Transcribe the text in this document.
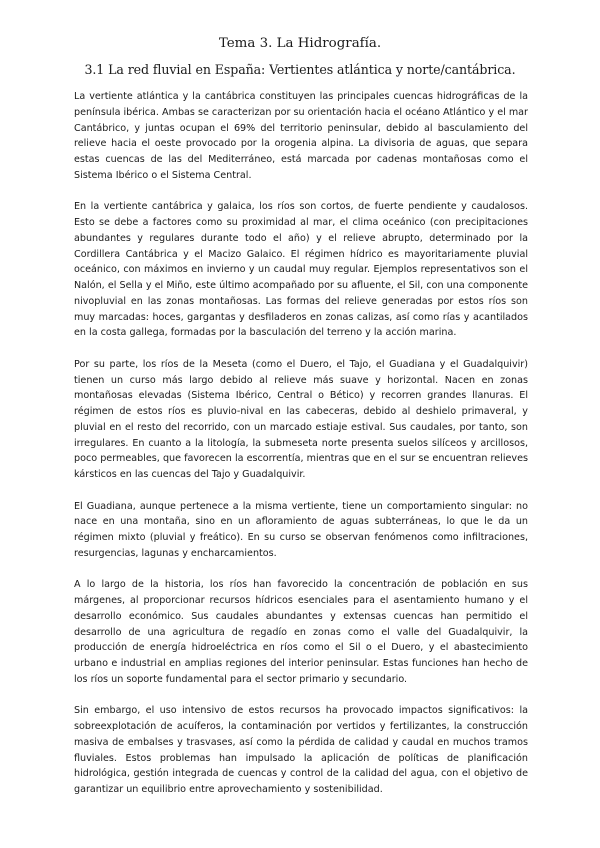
Tema 3. La Hidrografía.
3.1 La red fluvial en España: Vertientes atlántica y norte/cantábrica.

La vertiente atlántica y la cantábrica constituyen las principales cuencas hidrográficas de la península ibérica. Ambas se caracterizan por su orientación hacia el océano Atlántico y el mar Cantábrico, y juntas ocupan el 69% del territorio peninsular, debido al basculamiento del relieve hacia el oeste provocado por la orogenia alpina. La divisoria de aguas, que separa estas cuencas de las del Mediterráneo, está marcada por cadenas montañosas como el Sistema Ibérico o el Sistema Central.

En la vertiente cantábrica y galaica, los ríos son cortos, de fuerte pendiente y caudalosos. Esto se debe a factores como su proximidad al mar, el clima oceánico (con precipitaciones abundantes y regulares durante todo el año) y el relieve abrupto, determinado por la Cordillera Cantábrica y el Macizo Galaico. El régimen hídrico es mayoritariamente pluvial oceánico, con máximos en invierno y un caudal muy regular. Ejemplos representativos son el Nalón, el Sella y el Miño, este último acompañado por su afluente, el Sil, con una componente nivopluvial en las zonas montañosas. Las formas del relieve generadas por estos ríos son muy marcadas: hoces, gargantas y desfiladeros en zonas calizas, así como rías y acantilados en la costa gallega, formadas por la basculación del terreno y la acción marina.

Por su parte, los ríos de la Meseta (como el Duero, el Tajo, el Guadiana y el Guadalquivir) tienen un curso más largo debido al relieve más suave y horizontal. Nacen en zonas montañosas elevadas (Sistema Ibérico, Central o Bético) y recorren grandes llanuras. El régimen de estos ríos es pluvio-nival en las cabeceras, debido al deshielo primaveral, y pluvial en el resto del recorrido, con un marcado estiaje estival. Sus caudales, por tanto, son irregulares. En cuanto a la litología, la submeseta norte presenta suelos silíceos y arcillosos, poco permeables, que favorecen la escorrentía, mientras que en el sur se encuentran relieves kársticos en las cuencas del Tajo y Guadalquivir.

El Guadiana, aunque pertenece a la misma vertiente, tiene un comportamiento singular: no nace en una montaña, sino en un afloramiento de aguas subterráneas, lo que le da un régimen mixto (pluvial y freático). En su curso se observan fenómenos como infiltraciones, resurgencias, lagunas y encharcamientos.

A lo largo de la historia, los ríos han favorecido la concentración de población en sus márgenes, al proporcionar recursos hídricos esenciales para el asentamiento humano y el desarrollo económico. Sus caudales abundantes y extensas cuencas han permitido el desarrollo de una agricultura de regadío en zonas como el valle del Guadalquivir, la producción de energía hidroeléctrica en ríos como el Sil o el Duero, y el abastecimiento urbano e industrial en amplias regiones del interior peninsular. Estas funciones han hecho de los ríos un soporte fundamental para el sector primario y secundario.

Sin embargo, el uso intensivo de estos recursos ha provocado impactos significativos: la sobreexplotación de acuíferos, la contaminación por vertidos y fertilizantes, la construcción masiva de embalses y trasvases, así como la pérdida de calidad y caudal en muchos tramos fluviales. Estos problemas han impulsado la aplicación de políticas de planificación hidrológica, gestión integrada de cuencas y control de la calidad del agua, con el objetivo de garantizar un equilibrio entre aprovechamiento y sostenibilidad.
